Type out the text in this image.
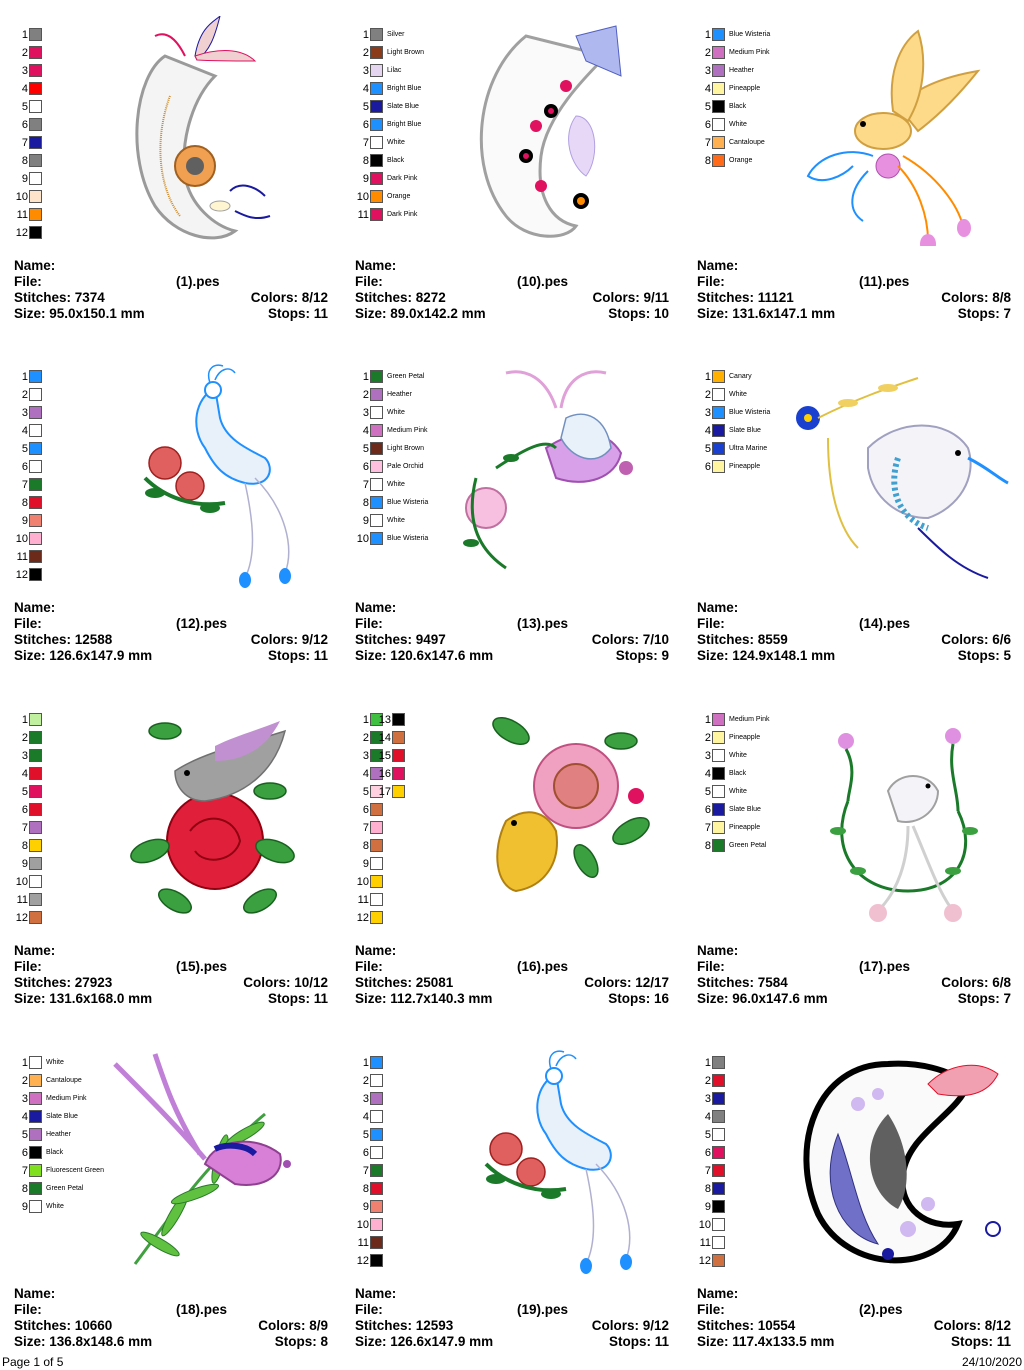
1
2
3
4
5
6
7
8
9
10
11
12
Name:
File:	(1).pes
Stitches: 7374	Colors: 8/12
Size: 95.0x150.1 mm	Stops: 11
1	Silver
2	Light Brown
3	Lilac
4	Bright Blue
5	Slate Blue
6	Bright Blue
7	White
8	Black
9	Dark Pink
10	Orange
11	Dark Pink
Name:
File:	(10).pes
Stitches: 8272	Colors: 9/11
Size: 89.0x142.2 mm	Stops: 10
1	Blue Wisteria
2	Medium Pink
3	Heather
4	Pineapple
5	Black
6	White
7	Cantaloupe
8	Orange
Name:
File:	(11).pes
Stitches: 11121	Colors: 8/8
Size: 131.6x147.1 mm	Stops: 7
1
2
3
4
5
6
7
8
9
10
11
12
Name:
File:	(12).pes
Stitches: 12588	Colors: 9/12
Size: 126.6x147.9 mm	Stops: 11
1	Green Petal
2	Heather
3	White
4	Medium Pink
5	Light Brown
6	Pale Orchid
7	White
8	Blue Wisteria
9	White
10	Blue Wisteria
Name:
File:	(13).pes
Stitches: 9497	Colors: 7/10
Size: 120.6x147.6 mm	Stops: 9
1	Canary
2	White
3	Blue Wisteria
4	Slate Blue
5	Ultra Marine
6	Pineapple
Name:
File:	(14).pes
Stitches: 8559	Colors: 6/6
Size: 124.9x148.1 mm	Stops: 5
1
2
3
4
5
6
7
8
9
10
11
12
Name:
File:	(15).pes
Stitches: 27923	Colors: 10/12
Size: 131.6x168.0 mm	Stops: 11
1
2
3
4
5
6
7
8
9
10
11
12
13
14
15
16
17
Name:
File:	(16).pes
Stitches: 25081	Colors: 12/17
Size: 112.7x140.3 mm	Stops: 16
1	Medium Pink
2	Pineapple
3	White
4	Black
5	White
6	Slate Blue
7	Pineapple
8	Green Petal
Name:
File:	(17).pes
Stitches: 7584	Colors: 6/8
Size: 96.0x147.6 mm	Stops: 7
1	White
2	Cantaloupe
3	Medium Pink
4	Slate Blue
5	Heather
6	Black
7	Fluorescent Green
8	Green Petal
9	White
Name:
File:	(18).pes
Stitches: 10660	Colors: 8/9
Size: 136.8x148.6 mm	Stops: 8
1
2
3
4
5
6
7
8
9
10
11
12
Name:
File:	(19).pes
Stitches: 12593	Colors: 9/12
Size: 126.6x147.9 mm	Stops: 11
1
2
3
4
5
6
7
8
9
10
11
12
Name:
File:	(2).pes
Stitches: 10554	Colors: 8/12
Size: 117.4x133.5 mm	Stops: 11
Page 1 of 5	24/10/2020
